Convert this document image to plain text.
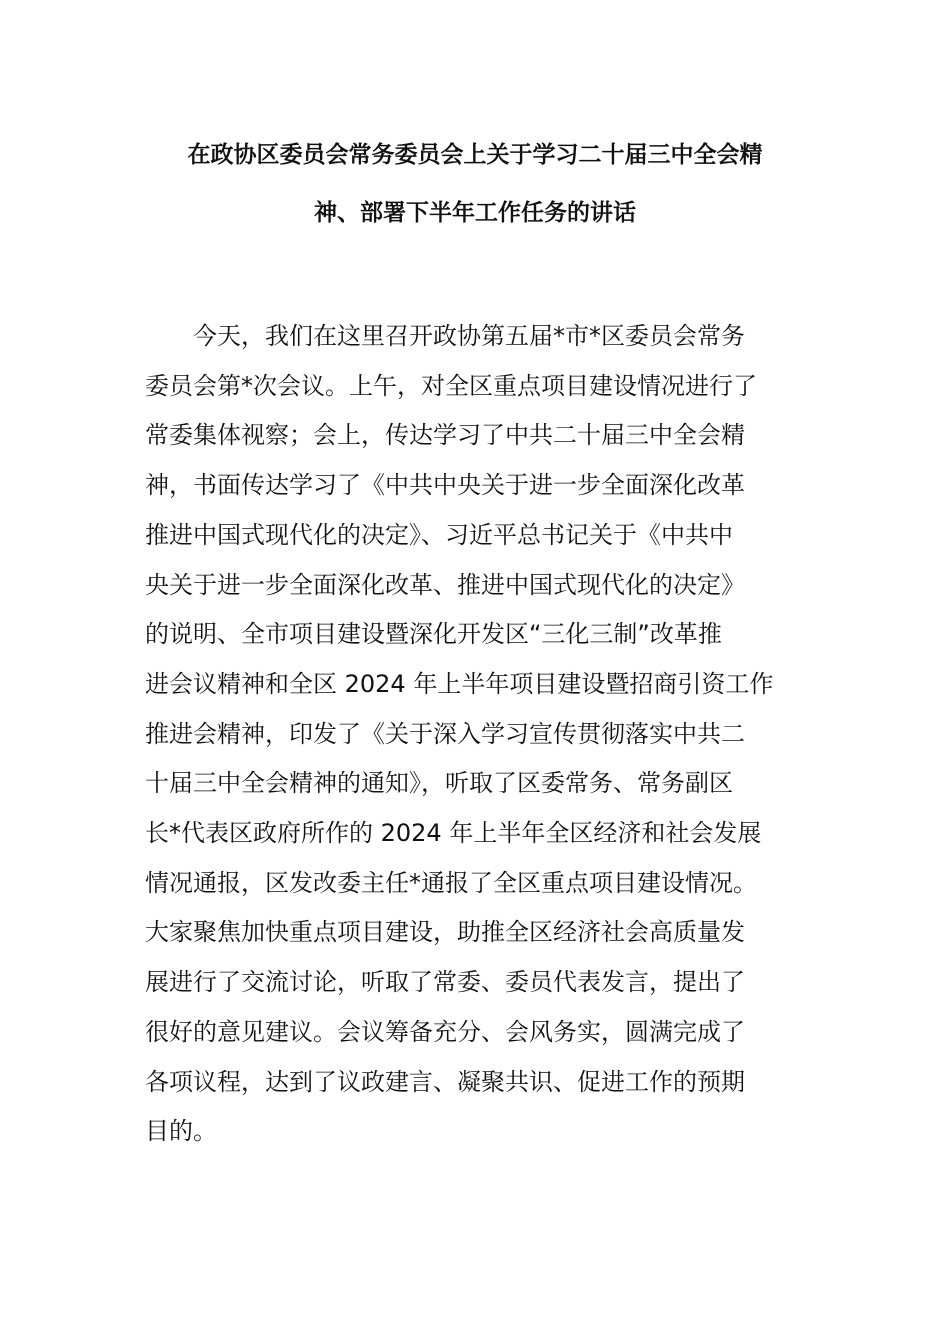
在政协区委员会常务委员会上关于学习二十届三中全会精
神、部署下半年工作任务的讲话
今天，我们在这里召开政协第五届*市*区委员会常务
委员会第*次会议。上午，对全区重点项目建设情况进行了
常委集体视察；会上，传达学习了中共二十届三中全会精
神，书面传达学习了《中共中央关于进一步全面深化改革
推进中国式现代化的决定》、习近平总书记关于《中共中
央关于进一步全面深化改革、推进中国式现代化的决定》
的说明、全市项目建设暨深化开发区“三化三制”改革推
进会议精神和全区 2024 年上半年项目建设暨招商引资工作
推进会精神，印发了《关于深入学习宣传贯彻落实中共二
十届三中全会精神的通知》，听取了区委常务、常务副区
长*代表区政府所作的 2024 年上半年全区经济和社会发展
情况通报，区发改委主任*通报了全区重点项目建设情况。
大家聚焦加快重点项目建设，助推全区经济社会高质量发
展进行了交流讨论，听取了常委、委员代表发言，提出了
很好的意见建议。会议筹备充分、会风务实，圆满完成了
各项议程，达到了议政建言、凝聚共识、促进工作的预期
目的。
